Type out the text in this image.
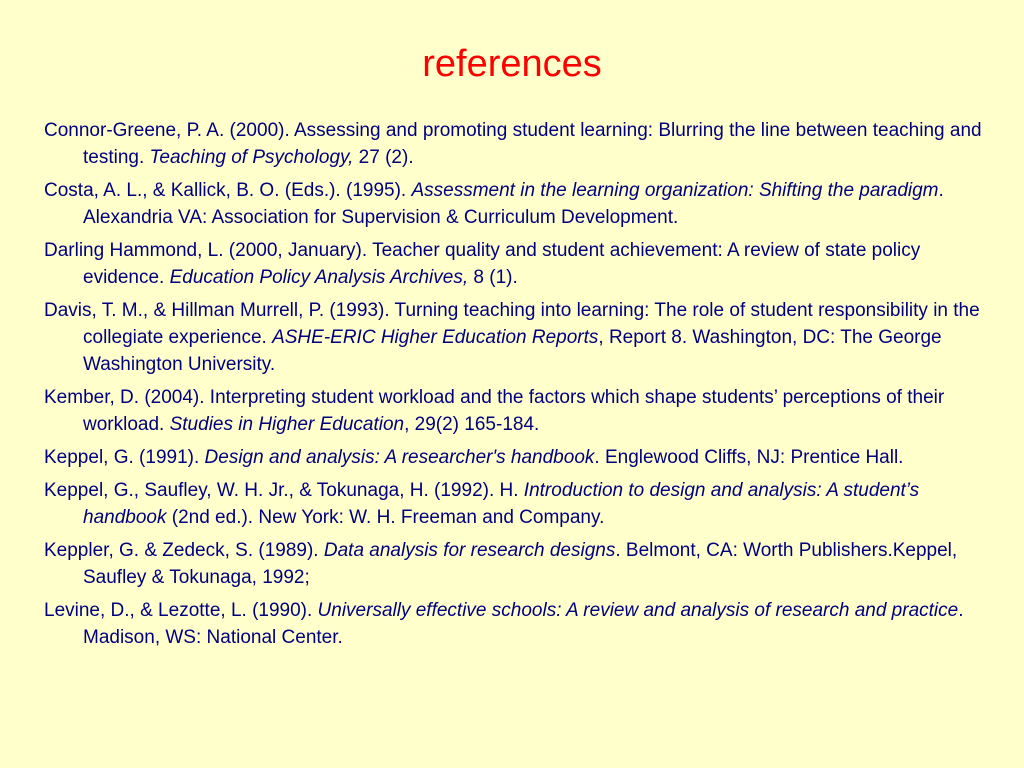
references
Connor-Greene, P. A. (2000). Assessing and promoting student learning: Blurring the line between teaching and testing. Teaching of Psychology, 27 (2).
Costa, A. L., & Kallick, B. O. (Eds.). (1995). Assessment in the learning organization: Shifting the paradigm. Alexandria VA: Association for Supervision & Curriculum Development.
Darling Hammond, L. (2000, January). Teacher quality and student achievement: A review of state policy evidence. Education Policy Analysis Archives, 8 (1).
Davis, T. M., & Hillman Murrell, P. (1993). Turning teaching into learning: The role of student responsibility in the collegiate experience. ASHE-ERIC Higher Education Reports, Report 8. Washington, DC: The George Washington University.
Kember, D. (2004). Interpreting student workload and the factors which shape students’ perceptions of their workload. Studies in Higher Education, 29(2) 165-184.
Keppel, G. (1991). Design and analysis: A researcher's handbook. Englewood Cliffs, NJ: Prentice Hall.
Keppel, G., Saufley, W. H. Jr., & Tokunaga, H. (1992). H. Introduction to design and analysis: A student’s handbook (2nd ed.). New York: W. H. Freeman and Company.
Keppler, G. & Zedeck, S. (1989). Data analysis for research designs. Belmont, CA: Worth Publishers.Keppel, Saufley & Tokunaga, 1992;
Levine, D., & Lezotte, L. (1990). Universally effective schools: A review and analysis of research and practice. Madison, WS: National Center.
